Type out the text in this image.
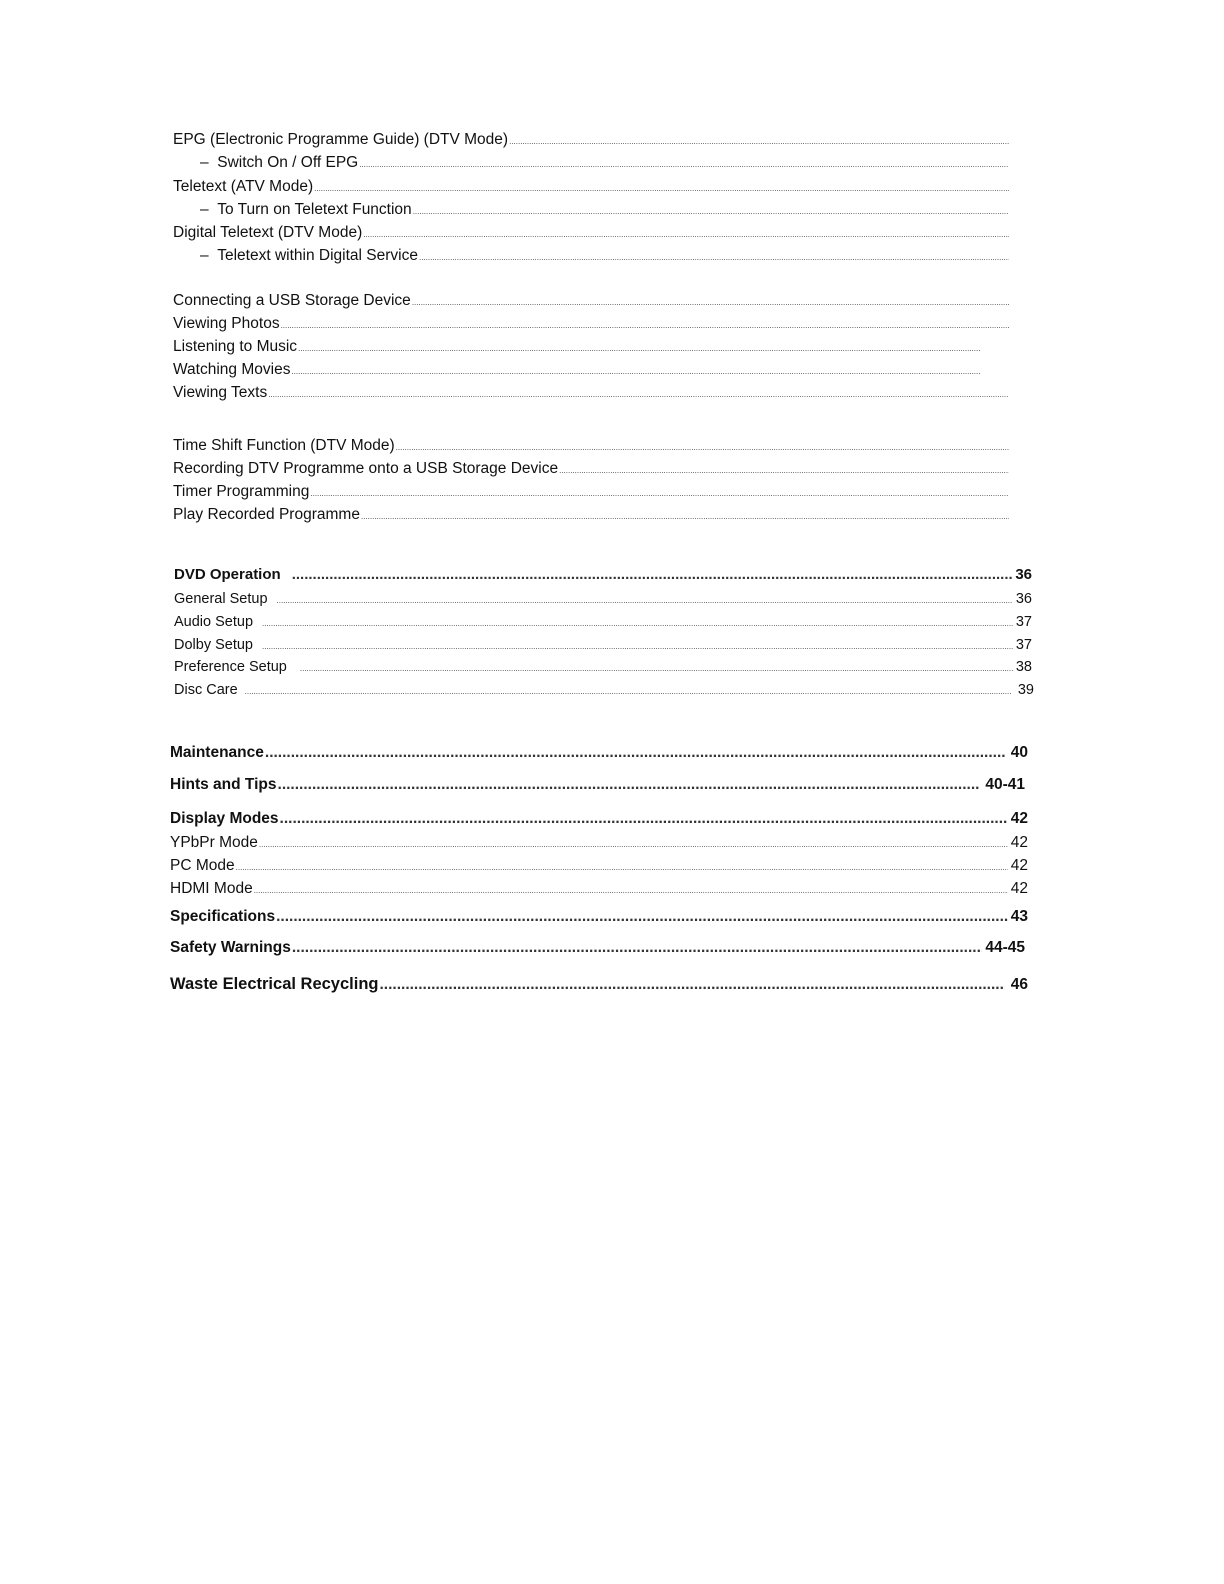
EPG (Electronic Programme Guide) (DTV Mode)
.....
–  Switch On / Off EPG
.....
Teletext (ATV Mode)
.....
–  To Turn on Teletext Function
.....
Digital Teletext (DTV Mode)
.....
–  Teletext within Digital Service
.....
Connecting a USB Storage Device
.....
Viewing Photos
.....
Listening to Music
.....
Watching Movies
.....
Viewing Texts
.....
Time Shift Function (DTV Mode)
.....
Recording DTV Programme onto a USB Storage Device
.....
Timer Programming
.....
Play Recorded Programme
.....
DVD Operation .....	36
General Setup .....	36
Audio Setup .....	37
Dolby Setup .....	37
Preference Setup .....	38
Disc Care .....	39
Maintenance .....	40
Hints and Tips .....	40-41
Display Modes .....	42
YPbPr Mode .....	42
PC Mode .....	42
HDMI Mode .....	42
Specifications .....	43
Safety Warnings .....	44-45
Waste Electrical Recycling .....	46
